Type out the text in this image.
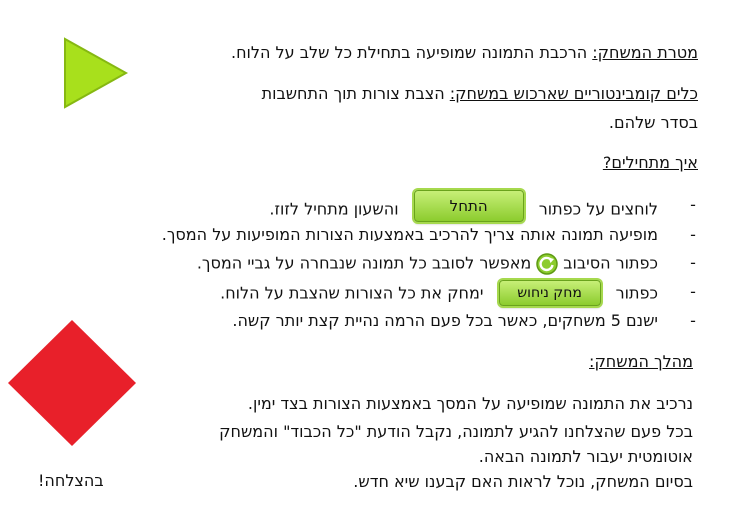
מטרת המשחק: הרכבת התמונה שמופיעה בתחילת כל שלב על הלוח.
כלים קומבינטוריים שארכוש במשחק: הצבת צורות תוך התחשבות
בסדר שלהם.
איך מתחילים?
-
לוחצים על כפתור התחל והשעון מתחיל לזוז.
-
מופיעה תמונה אותה צריך להרכיב באמצעות הצורות המופיעות על המסך.
-
כפתור הסיבובמאפשר לסובב כל תמונה שנבחרה על גביי המסך.
-
כפתור מחק ניחוש ימחק את כל הצורות שהצבת על הלוח.
-
ישנם 5 משחקים, כאשר בכל פעם הרמה נהיית קצת יותר קשה.
מהלך המשחק:
נרכיב את התמונה שמופיעה על המסך באמצעות הצורות בצד ימין.
בכל פעם שהצלחנו להגיע לתמונה, נקבל הודעת "כל הכבוד" והמשחק
אוטומטית יעבור לתמונה הבאה.
בסיום המשחק, נוכל לראות האם קבענו שיא חדש.
בהצלחה!
